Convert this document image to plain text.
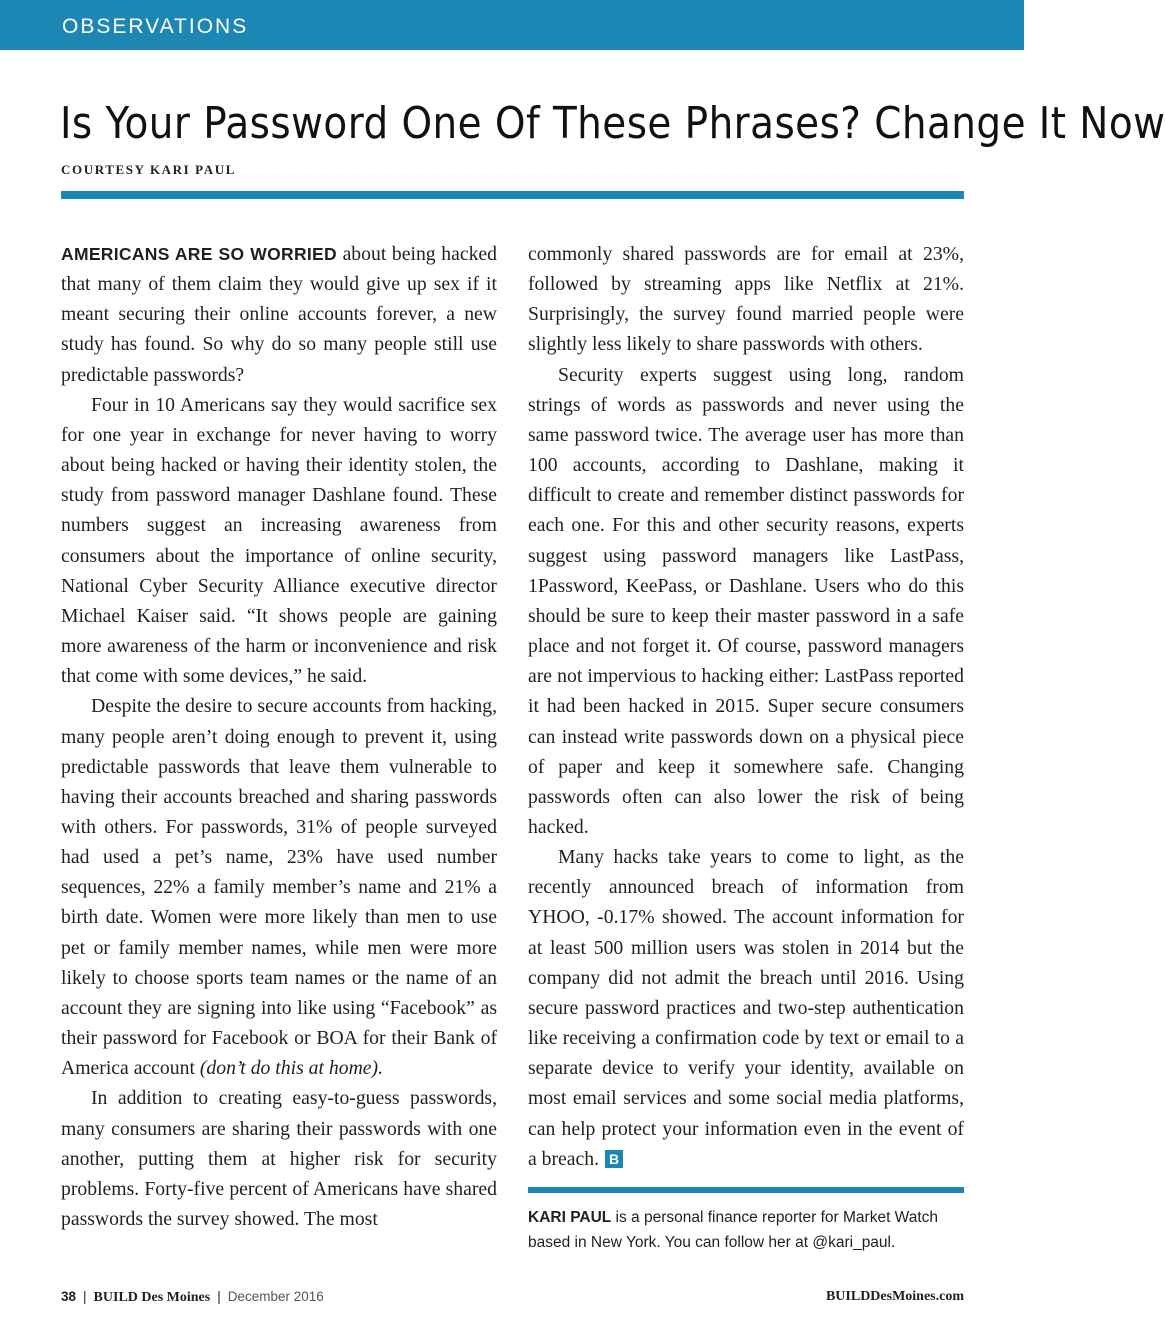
OBSERVATIONS
Is Your Password One Of These Phrases? Change It Now

COURTESY KARI PAUL

AMERICANS ARE SO WORRIED about being hacked that many of them claim they would give up sex if it meant securing their online accounts forever, a new study has found. So why do so many people still use predictable passwords?

Four in 10 Americans say they would sacrifice sex for one year in exchange for never having to worry about being hacked or having their identity stolen, the study from password manager Dashlane found. These numbers suggest an increasing awareness from consumers about the importance of online security, National Cyber Security Alliance executive director Michael Kaiser said. “It shows people are gaining more awareness of the harm or inconvenience and risk that come with some devices,” he said.

Despite the desire to secure accounts from hacking, many people aren’t doing enough to prevent it, using predictable passwords that leave them vulnerable to having their accounts breached and sharing passwords with others. For passwords, 31% of people surveyed had used a pet’s name, 23% have used number sequences, 22% a family member’s name and 21% a birth date. Women were more likely than men to use pet or family member names, while men were more likely to choose sports team names or the name of an account they are signing into like using “Facebook” as their password for Facebook or BOA for their Bank of America account (don’t do this at home).

In addition to creating easy-to-guess passwords, many consumers are sharing their passwords with one another, putting them at higher risk for security problems. Forty-five percent of Americans have shared passwords the survey showed. The most

commonly shared passwords are for email at 23%, followed by streaming apps like Netflix at 21%. Surprisingly, the survey found married people were slightly less likely to share passwords with others.

Security experts suggest using long, random strings of words as passwords and never using the same password twice. The average user has more than 100 accounts, according to Dashlane, making it difficult to create and remember distinct passwords for each one. For this and other security reasons, experts suggest using password managers like LastPass, 1Password, KeePass, or Dashlane. Users who do this should be sure to keep their master password in a safe place and not forget it. Of course, password managers are not impervious to hacking either: LastPass reported it had been hacked in 2015. Super secure consumers can instead write passwords down on a physical piece of paper and keep it somewhere safe. Changing passwords often can also lower the risk of being hacked.

Many hacks take years to come to light, as the recently announced breach of information from YHOO, -0.17% showed. The account information for at least 500 million users was stolen in 2014 but the company did not admit the breach until 2016. Using secure password practices and two-step authentication like receiving a confirmation code by text or email to a separate device to verify your identity, available on most email services and some social media platforms, can help protect your information even in the event of a breach. B

KARI PAUL is a personal finance reporter for Market Watch based in New York. You can follow her at @kari_paul.

38 | BUILD Des Moines | December 2016	BUILDDesMoines.com
